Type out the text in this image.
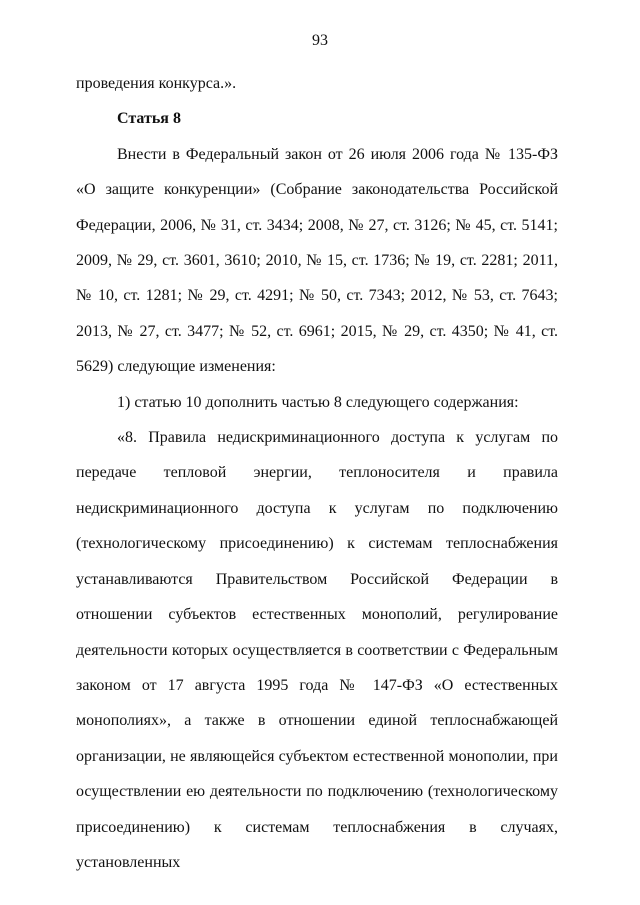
93

проведения конкурса.».

Статья 8

Внести в Федеральный закон от 26 июля 2006 года № 135-ФЗ «О защите конкуренции» (Собрание законодательства Российской Федерации, 2006, № 31, ст. 3434; 2008, № 27, ст. 3126; № 45, ст. 5141; 2009, № 29, ст. 3601, 3610; 2010, № 15, ст. 1736; № 19, ст. 2281; 2011, № 10, ст. 1281; № 29, ст. 4291; № 50, ст. 7343; 2012, № 53, ст. 7643; 2013, № 27, ст. 3477; № 52, ст. 6961; 2015, № 29, ст. 4350; № 41, ст. 5629) следующие изменения:

1) статью 10 дополнить частью 8 следующего содержания:

«8. Правила недискриминационного доступа к услугам по передаче тепловой энергии, теплоносителя и правила недискриминационного доступа к услугам по подключению (технологическому присоединению) к системам теплоснабжения устанавливаются Правительством Российской Федерации в отношении субъектов естественных монополий, регулирование деятельности которых осуществляется в соответствии с Федеральным законом от 17 августа 1995 года № 147-ФЗ «О естественных монополиях», а также в отношении единой теплоснабжающей организации, не являющейся субъектом естественной монополии, при осуществлении ею деятельности по подключению (технологическому присоединению) к системам теплоснабжения в случаях, установленных
